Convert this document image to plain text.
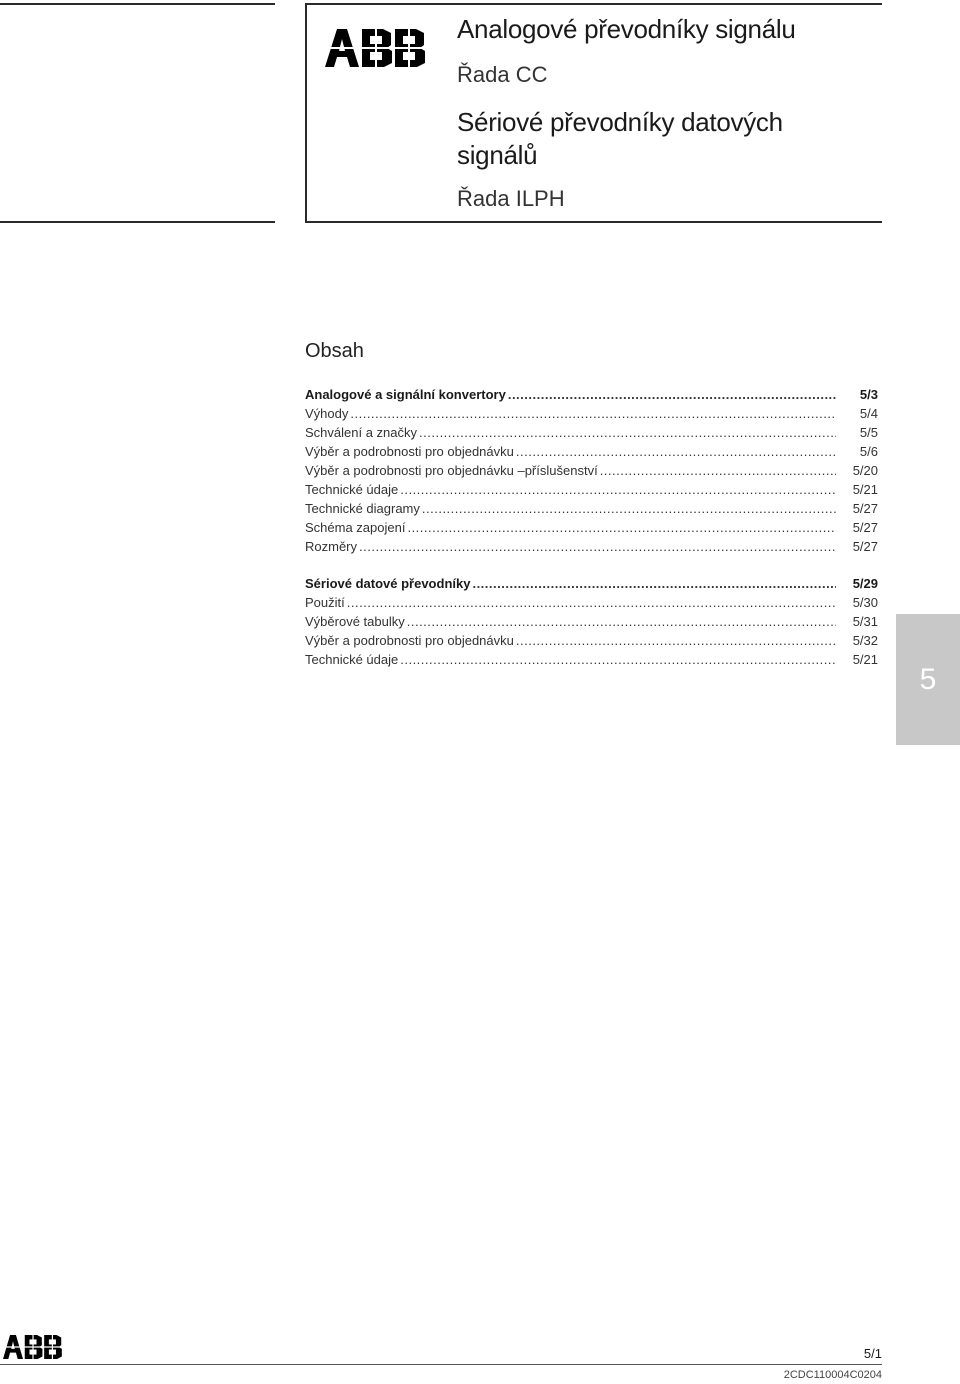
Analogové převodníky signálu
Řada CC
Sériové převodníky datových signálů
Řada ILPH
Obsah
Analogové a signální konvertory .....	5/3
Výhody .....	5/4
Schválení a značky .....	5/5
Výběr a podrobnosti pro objednávku .....	5/6
Výběr a podrobnosti pro objednávku –příslušenství .....	5/20
Technické údaje .....	5/21
Technické diagramy .....	5/27
Schéma zapojení .....	5/27
Rozměry .....	5/27
Sériové datové převodníky .....	5/29
Použití .....	5/30
Výběrové tabulky .....	5/31
Výběr a podrobnosti pro objednávku .....	5/32
Technické údaje .....	5/21
5
5/1
2CDC110004C0204
